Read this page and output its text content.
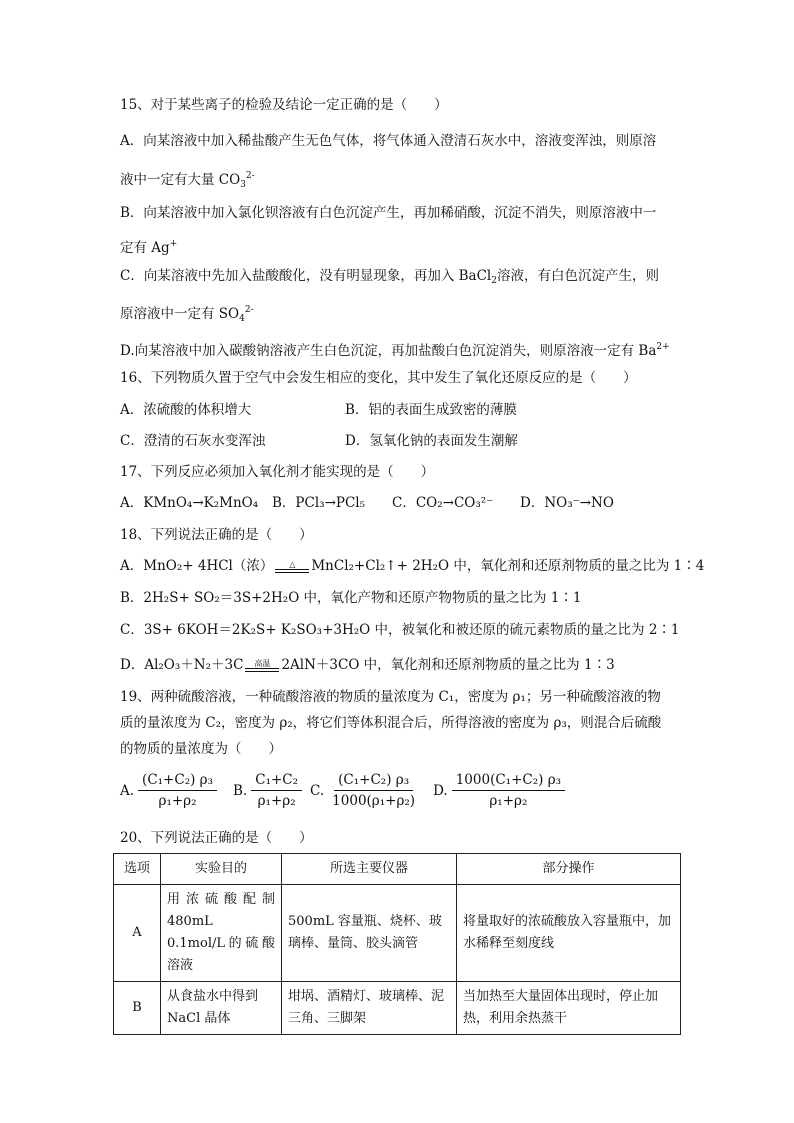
15、对于某些离子的检验及结论一定正确的是（　　）
A．向某溶液中加入稀盐酸产生无色气体，将气体通入澄清石灰水中，溶液变浑浊，则原溶
液中一定有大量 $CO_3^{2-}$
B．向某溶液中加入氯化钡溶液有白色沉淀产生，再加稀硝酸，沉淀不消失，则原溶液中一
定有 Ag+
C．向某溶液中先加入盐酸酸化，没有明显现象，再加入 BaCl$_2$溶液，有白色沉淀产生，则
原溶液中一定有 $SO_4^{2-}$
D.向某溶液中加入碳酸钠溶液产生白色沉淀，再加盐酸白色沉淀消失，则原溶液一定有 $Ba^{2+}$
16、下列物质久置于空气中会发生相应的变化，其中发生了氧化还原反应的是（　　）
A．浓硫酸的体积增大	B．铝的表面生成致密的薄膜
C．澄清的石灰水变浑浊	D．氢氧化钠的表面发生潮解
17、下列反应必须加入氧化剂才能实现的是（　　）
A．KMnO₄→K₂MnO₄ B．PCl₃→PCl₅ C．CO₂→CO₃²⁻ D．NO₃⁻→NO
18、下列说法正确的是（　　）
A．MnO₂+ 4HCl（浓） △ MnCl₂+Cl₂↑+ 2H₂O 中，氧化剂和还原剂物质的量之比为 1∶4
B．2H₂S+ SO₂＝3S+2H₂O 中，氧化产物和还原产物物质的量之比为 1∶1
C．3S+ 6KOH＝2K₂S+ K₂SO₃+3H₂O 中，被氧化和被还原的硫元素物质的量之比为 2∶1
D．Al₂O₃＋N₂＋3C 高温 2AlN＋3CO 中，氧化剂和还原剂物质的量之比为 1∶3
19、两种硫酸溶液，一种硫酸溶液的物质的量浓度为 C₁，密度为 ρ₁；另一种硫酸溶液的物
质的量浓度为 C₂，密度为 ρ₂，将它们等体积混合后，所得溶液的密度为 ρ₃，则混合后硫酸
的物质的量浓度为（　　）
A. $\frac{\text{(C₁+C₂) ρ₃}}{\text{ρ₁+ρ₂}} B$. $\frac{\text{C₁+C₂}}{\text{ρ₁+ρ₂}} C$. $\frac{\text{(C₁+C₂) ρ₃}}{\text{1000(ρ₁+ρ₂)}} D$. $\frac{\text{1000(C₁+C₂) ρ₃}}{\text{ρ₁+ρ₂}}$
20、下列说法正确的是（　　）
选项	实验目的	所选主要仪器	部分操作
A	用浓硫酸配制480mL　0.1mol/L的硫酸溶液	500mL 容量瓶、烧杯、玻璃棒、量筒、胶头滴管	将量取好的浓硫酸放入容量瓶中，加水稀释至刻度线
B	从食盐水中得到NaCl 晶体	坩埚、酒精灯、玻璃棒、泥三角、三脚架	当加热至大量固体出现时，停止加热，利用余热蒸干
